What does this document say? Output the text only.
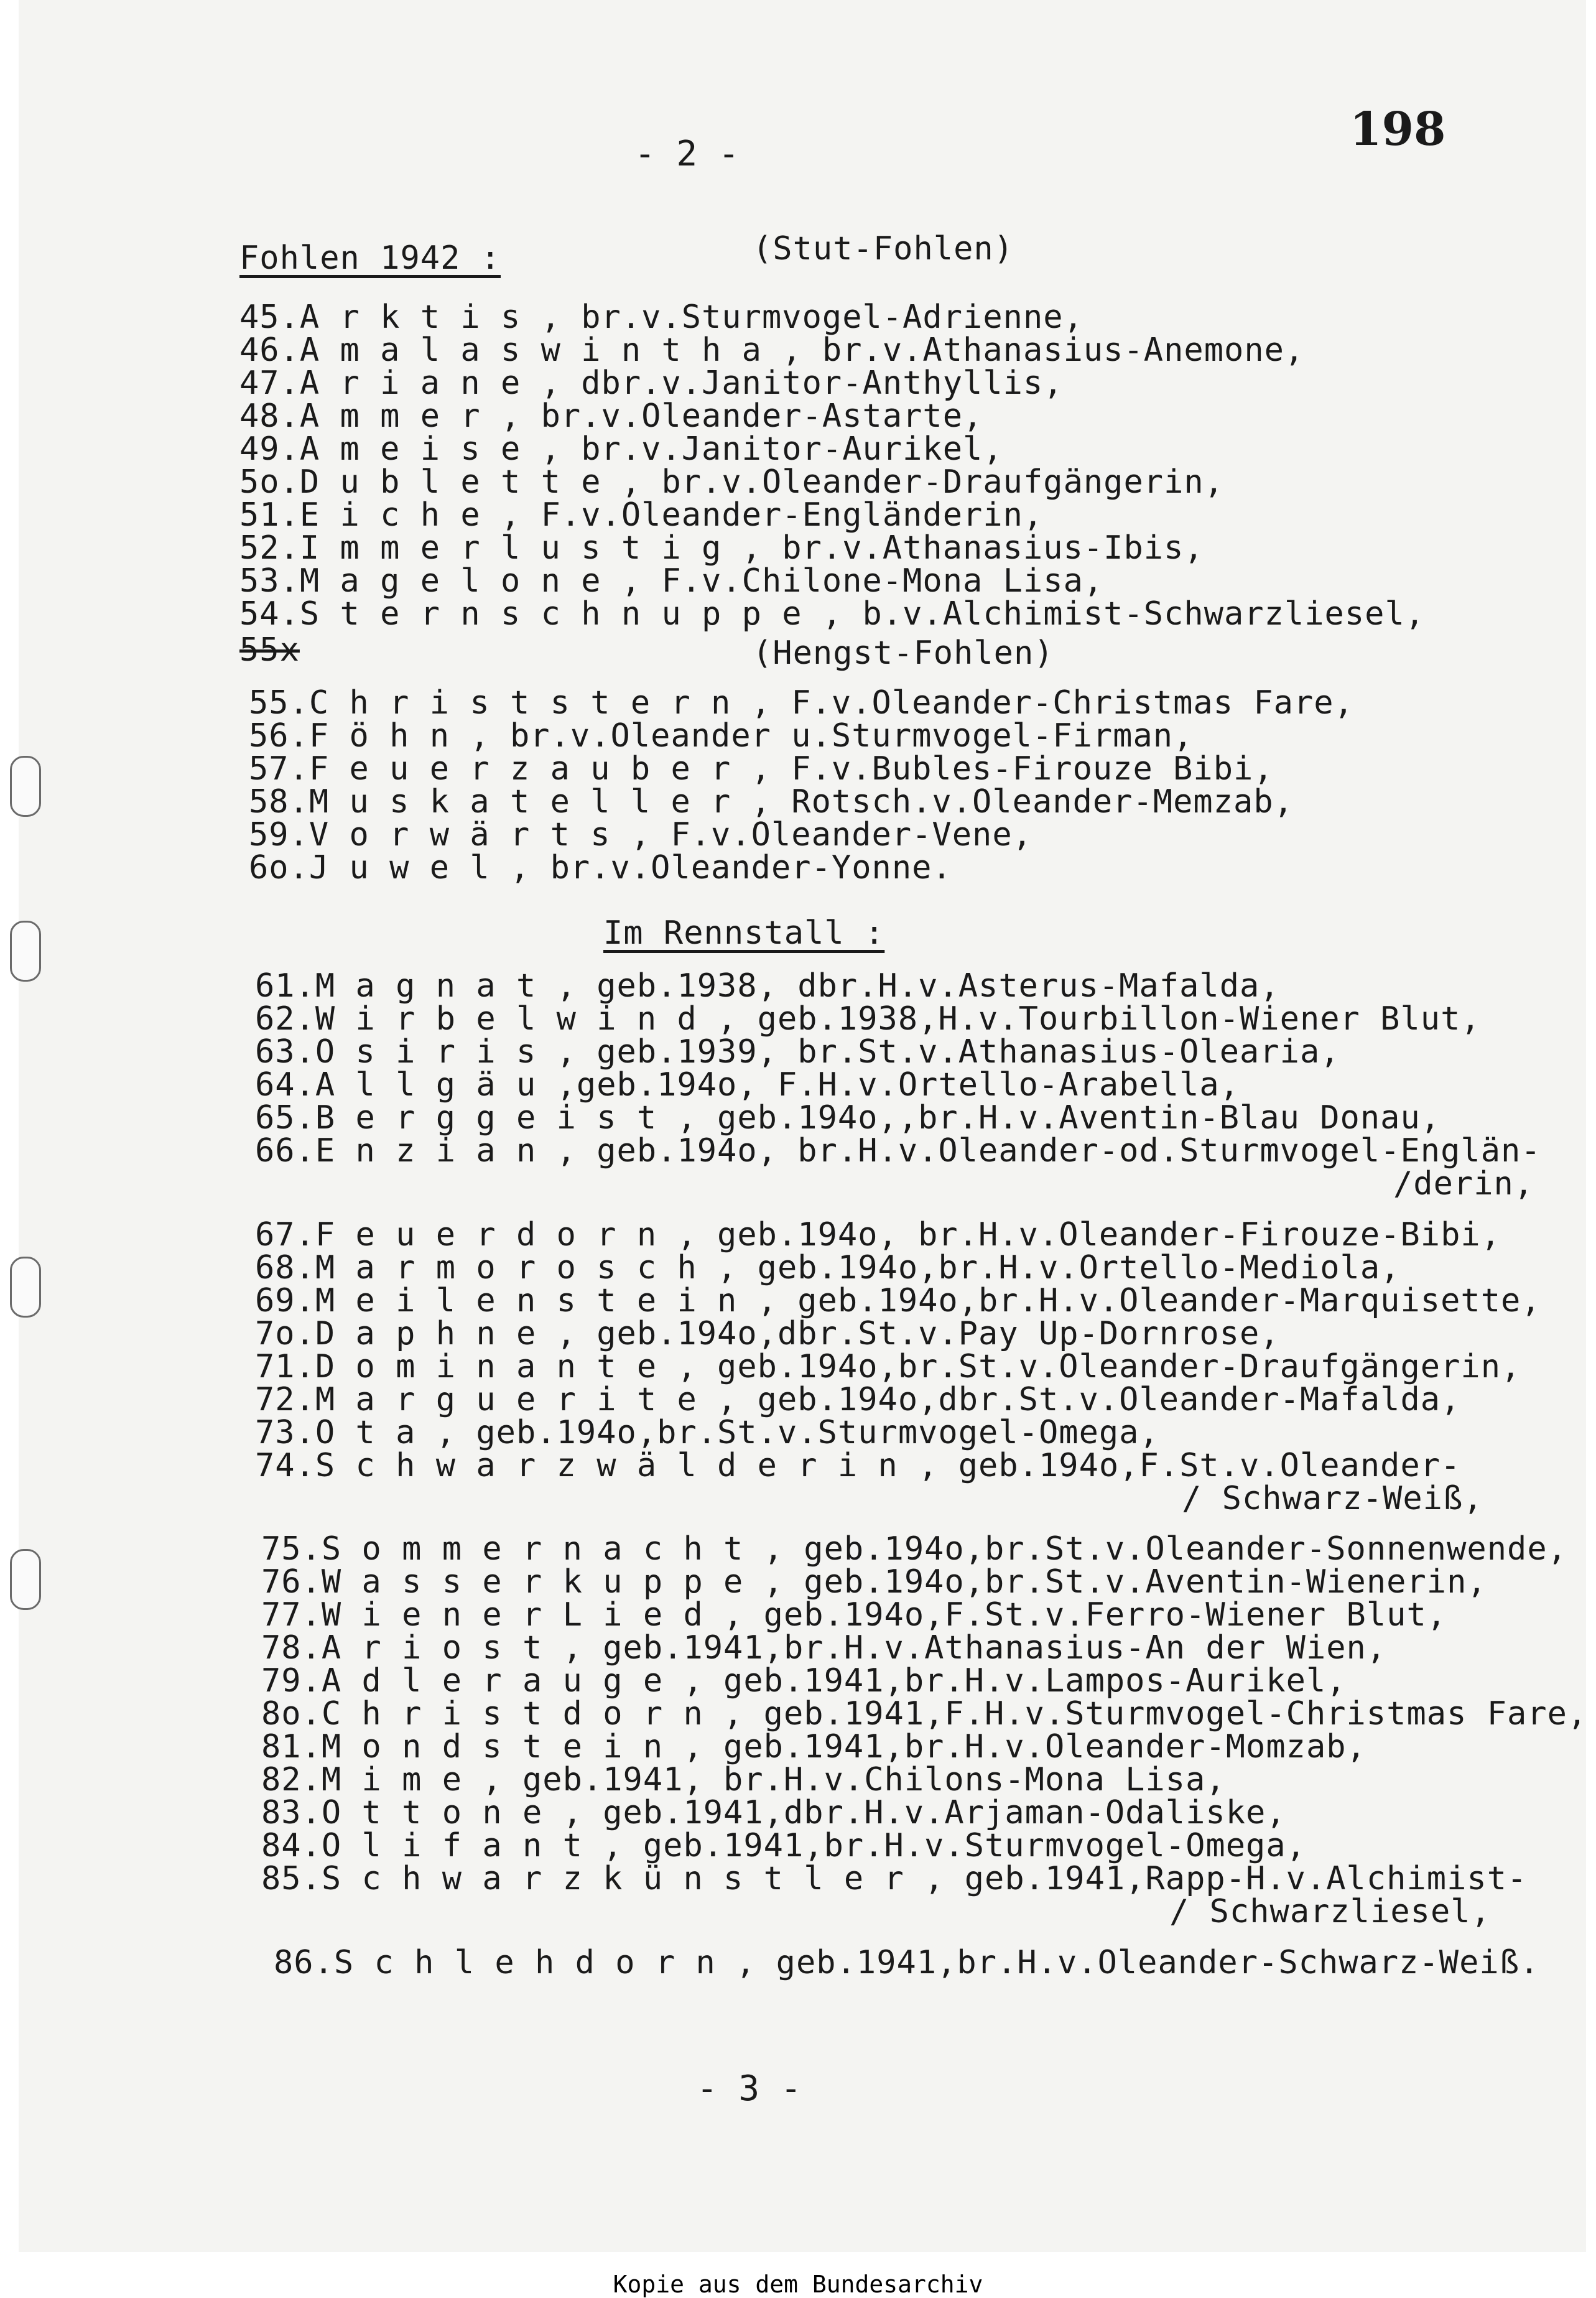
198
- 2 -
Fohlen 1942 :	(Stut-Fohlen)
45.A r k t i s , br.v.Sturmvogel-Adrienne,
46.A m a l a s w i n t h a , br.v.Athanasius-Anemone,
47.A r i a n e , dbr.v.Janitor-Anthyllis,
48.A m m e r , br.v.Oleander-Astarte,
49.A m e i s e , br.v.Janitor-Aurikel,
5o.D u b l e t t e , br.v.Oleander-Draufgängerin,
51.E i c h e , F.v.Oleander-Engländerin,
52.I m m e r l u s t i g , br.v.Athanasius-Ibis,
53.M a g e l o n e , F.v.Chilone-Mona Lisa,
54.S t e r n s c h n u p p e , b.v.Alchimist-Schwarzliesel,
55x	(Hengst-Fohlen)
55.C h r i s t s t e r n , F.v.Oleander-Christmas Fare,
56.F ö h n , br.v.Oleander u.Sturmvogel-Firman,
57.F e u e r z a u b e r , F.v.Bubles-Firouze Bibi,
58.M u s k a t e l l e r , Rotsch.v.Oleander-Memzab,
59.V o r w ä r t s , F.v.Oleander-Vene,
6o.J u w e l , br.v.Oleander-Yonne.
Im Rennstall :
61.M a g n a t , geb.1938, dbr.H.v.Asterus-Mafalda,
62.W i r b e l w i n d , geb.1938,H.v.Tourbillon-Wiener Blut,
63.O s i r i s , geb.1939, br.St.v.Athanasius-Olearia,
64.A l l g ä u ,geb.194o, F.H.v.Ortello-Arabella,
65.B e r g g e i s t , geb.194o,,br.H.v.Aventin-Blau Donau,
66.E n z i a n , geb.194o, br.H.v.Oleander-od.Sturmvogel-Englän-
/derin,
67.F e u e r d o r n , geb.194o, br.H.v.Oleander-Firouze-Bibi,
68.M a r m o r o s c h , geb.194o,br.H.v.Ortello-Mediola,
69.M e i l e n s t e i n , geb.194o,br.H.v.Oleander-Marquisette,
7o.D a p h n e , geb.194o,dbr.St.v.Pay Up-Dornrose,
71.D o m i n a n t e , geb.194o,br.St.v.Oleander-Draufgängerin,
72.M a r g u e r i t e , geb.194o,dbr.St.v.Oleander-Mafalda,
73.O t a , geb.194o,br.St.v.Sturmvogel-Omega,
74.S c h w a r z w ä l d e r i n , geb.194o,F.St.v.Oleander-
/ Schwarz-Weiß,
75.S o m m e r n a c h t , geb.194o,br.St.v.Oleander-Sonnenwende,
76.W a s s e r k u p p e , geb.194o,br.St.v.Aventin-Wienerin,
77.W i e n e r L i e d , geb.194o,F.St.v.Ferro-Wiener Blut,
78.A r i o s t , geb.1941,br.H.v.Athanasius-An der Wien,
79.A d l e r a u g e , geb.1941,br.H.v.Lampos-Aurikel,
8o.C h r i s t d o r n , geb.1941,F.H.v.Sturmvogel-Christmas Fare,
81.M o n d s t e i n , geb.1941,br.H.v.Oleander-Momzab,
82.M i m e , geb.1941, br.H.v.Chilons-Mona Lisa,
83.O t t o n e , geb.1941,dbr.H.v.Arjaman-Odaliske,
84.O l i f a n t , geb.1941,br.H.v.Sturmvogel-Omega,
85.S c h w a r z k ü n s t l e r , geb.1941,Rapp-H.v.Alchimist-
/ Schwarzliesel,
86.S c h l e h d o r n , geb.1941,br.H.v.Oleander-Schwarz-Weiß.
- 3 -
Kopie aus dem Bundesarchiv
